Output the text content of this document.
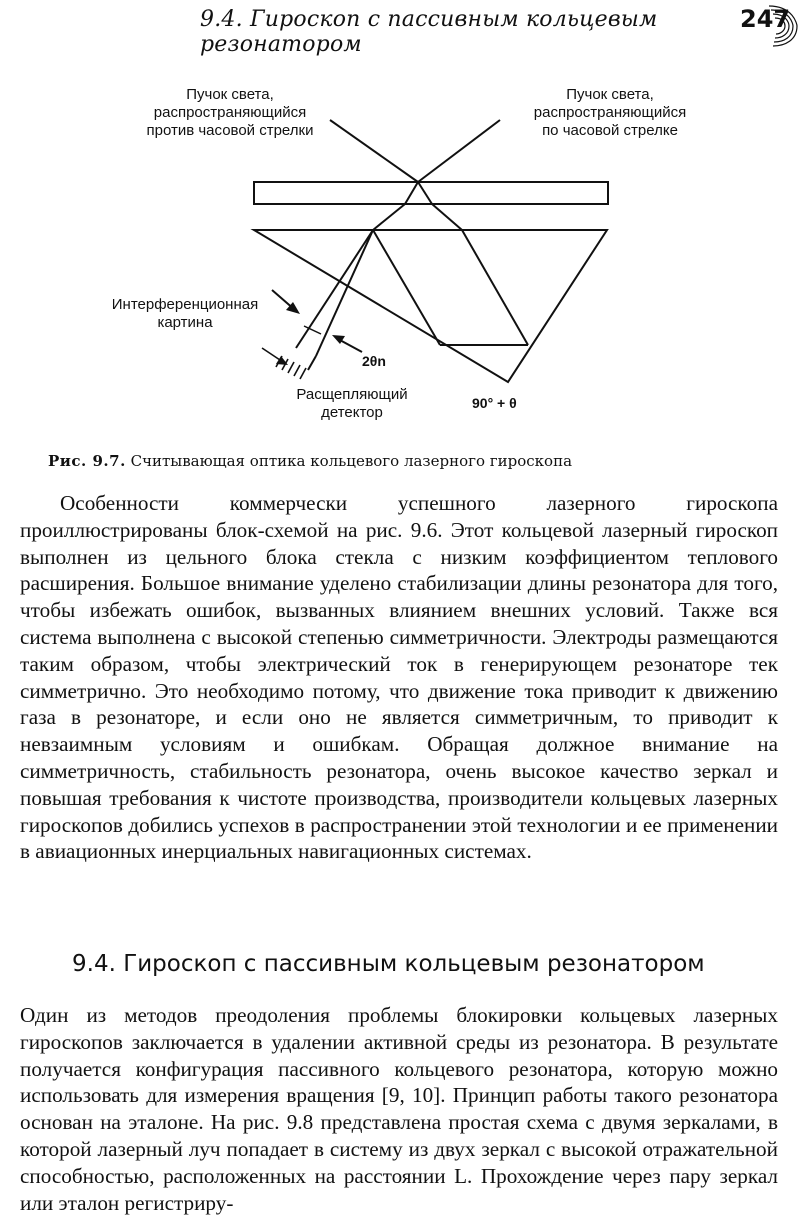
9.4. Гироскоп с пассивным кольцевым резонатором
247
Пучок света,
распространяющийся
против часовой стрелки
Пучок света,
распространяющийся
по часовой стрелке
Интерференционная
картина
2θn
Расщепляющий
детектор
90° + θ
Рис. 9.7. Считывающая оптика кольцевого лазерного гироскопа

Особенности коммерчески успешного лазерного гироскопа проиллюстрированы блок-схемой на рис. 9.6. Этот кольцевой лазерный гироскоп выполнен из цельного блока стекла с низким коэффициентом теплового расширения. Большое внимание уделено стабилизации длины резонатора для того, чтобы избежать ошибок, вызванных влиянием внешних условий. Также вся система выполнена с высокой степенью симметричности. Электроды размещаются таким образом, чтобы электрический ток в генерирующем резонаторе тек симметрично. Это необходимо потому, что движение тока приводит к движению газа в резонаторе, и если оно не является симметричным, то приводит к невзаимным условиям и ошибкам. Обращая должное внимание на симметричность, стабильность резонатора, очень высокое качество зеркал и повышая требования к чистоте производства, производители кольцевых лазерных гироскопов добились успехов в распространении этой технологии и ее применении в авиационных инерциальных навигационных системах.

9.4. Гироскоп с пассивным кольцевым резонатором

Один из методов преодоления проблемы блокировки кольцевых лазерных гироскопов заключается в удалении активной среды из резонатора. В результате получается конфигурация пассивного кольцевого резонатора, которую можно использовать для измерения вращения [9, 10]. Принцип работы такого резонатора основан на эталоне. На рис. 9.8 представлена простая схема с двумя зеркалами, в которой лазерный луч попадает в систему из двух зеркал с высокой отражательной способностью, расположенных на расстоянии L. Прохождение через пару зеркал или эталон регистриру-
